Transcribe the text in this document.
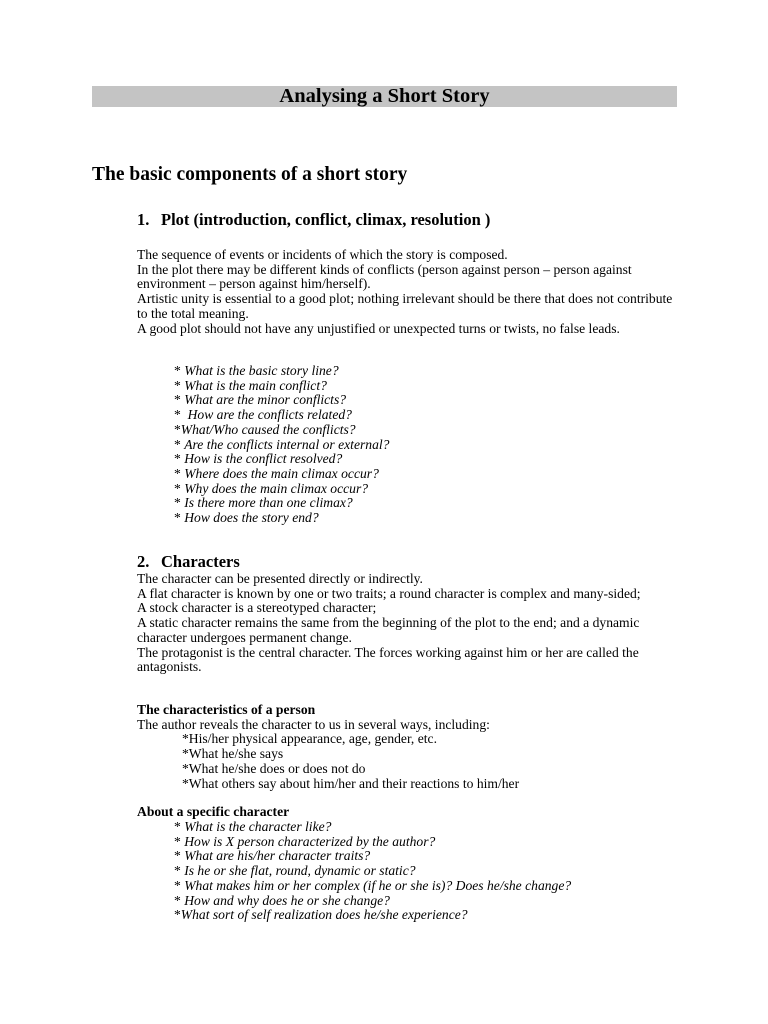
Analysing a Short Story
The basic components of a short story
1. Plot (introduction, conflict, climax, resolution )

The sequence of events or incidents of which the story is composed.

In the plot there may be different kinds of conflicts (person against person – person against environment – person against him/herself).

Artistic unity is essential to a good plot; nothing irrelevant should be there that does not contribute to the total meaning.

A good plot should not have any unjustified or unexpected turns or twists, no false leads.

* What is the basic story line?
* What is the main conflict?
* What are the minor conflicts?
*  How are the conflicts related?
*What/Who caused the conflicts?
* Are the conflicts internal or external?
* How is the conflict resolved?
* Where does the main climax occur?
* Why does the main climax occur?
* Is there more than one climax?
* How does the story end?
2. Characters

The character can be presented directly or indirectly.

A flat character is known by one or two traits; a round character is complex and many-sided;

A stock character is a stereotyped character;

A static character remains the same from the beginning of the plot to the end; and a dynamic character undergoes permanent change.

The protagonist is the central character. The forces working against him or her are called the antagonists.

The characteristics of a person

The author reveals the character to us in several ways, including:

*His/her physical appearance, age, gender, etc.
*What he/she says
*What he/she does or does not do
*What others say about him/her and their reactions to him/her

About a specific character

* What is the character like?
* How is X person characterized by the author?
* What are his/her character traits?
* Is he or she flat, round, dynamic or static?
* What makes him or her complex (if he or she is)? Does he/she change?
* How and why does he or she change?
*What sort of self realization does he/she experience?
